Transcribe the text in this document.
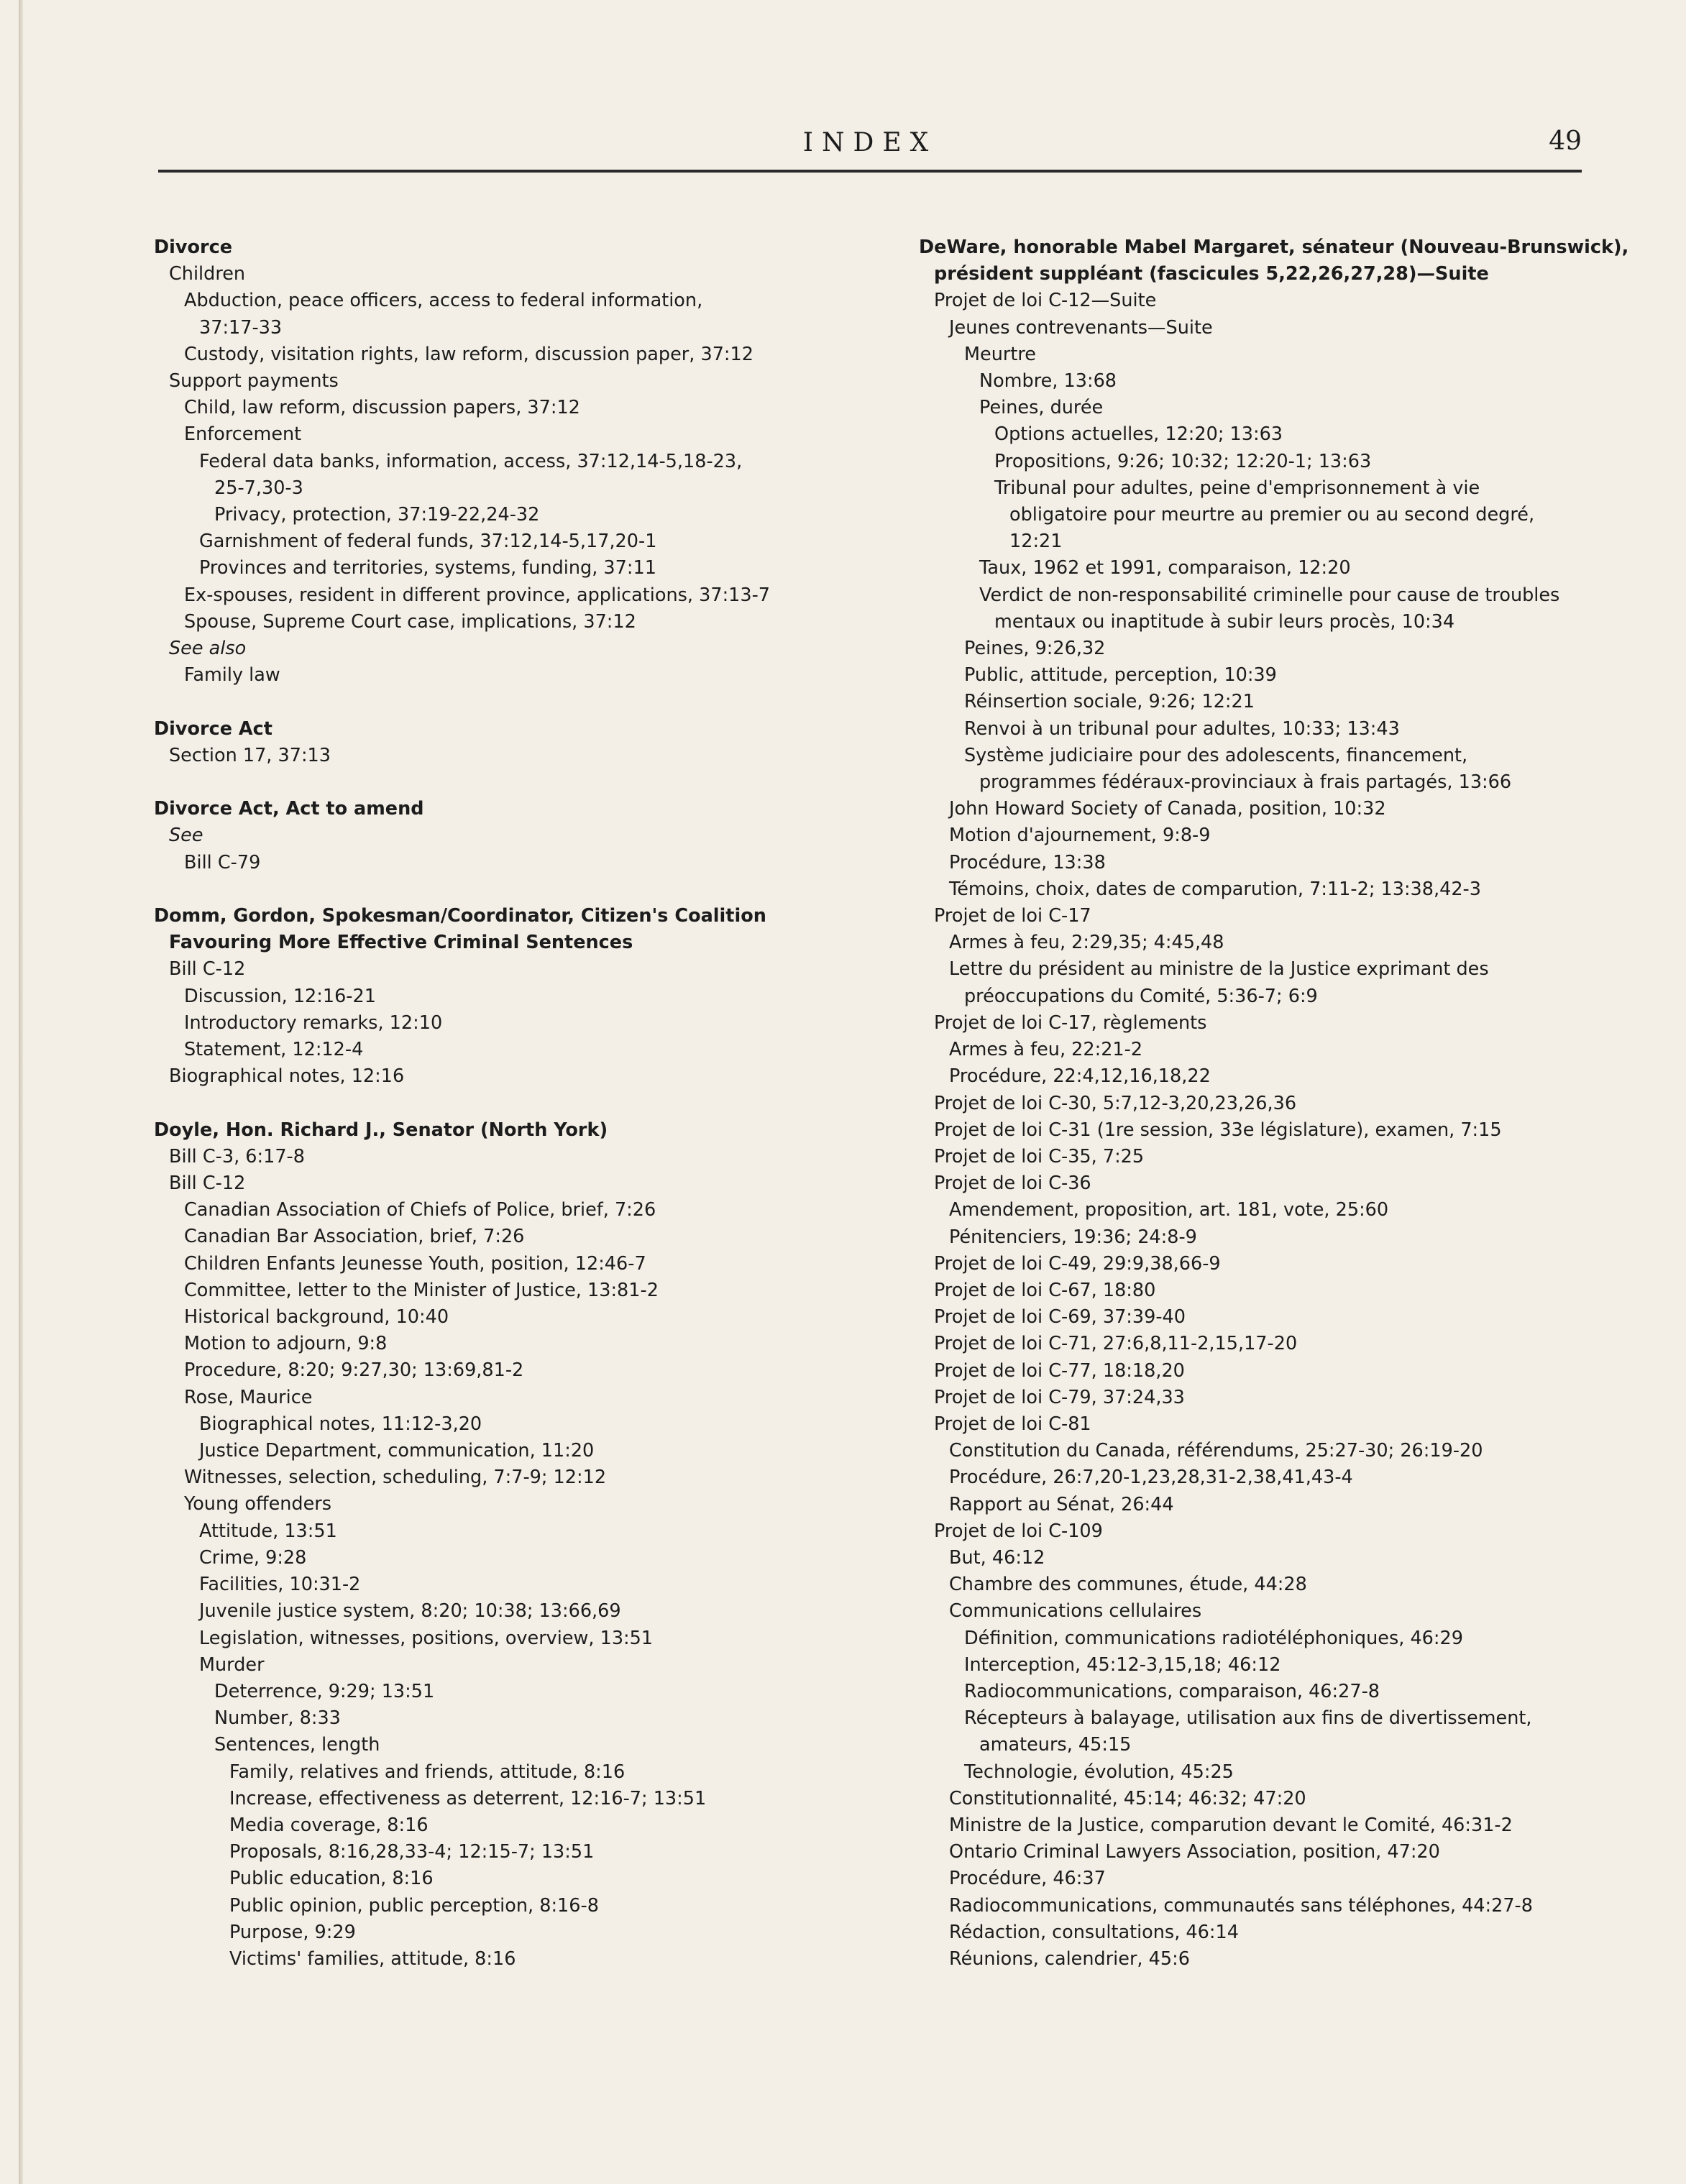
INDEX	49
Divorce
Children
Abduction, peace officers, access to federal information,
37:17-33
Custody, visitation rights, law reform, discussion paper, 37:12
Support payments
Child, law reform, discussion papers, 37:12
Enforcement
Federal data banks, information, access, 37:12,14-5,18-23,
25-7,30-3
Privacy, protection, 37:19-22,24-32
Garnishment of federal funds, 37:12,14-5,17,20-1
Provinces and territories, systems, funding, 37:11
Ex-spouses, resident in different province, applications, 37:13-7
Spouse, Supreme Court case, implications, 37:12
See also
Family law
Divorce Act
Section 17, 37:13
Divorce Act, Act to amend
See
Bill C-79
Domm, Gordon, Spokesman/Coordinator, Citizen's Coalition
Favouring More Effective Criminal Sentences
Bill C-12
Discussion, 12:16-21
Introductory remarks, 12:10
Statement, 12:12-4
Biographical notes, 12:16
Doyle, Hon. Richard J., Senator (North York)
Bill C-3, 6:17-8
Bill C-12
Canadian Association of Chiefs of Police, brief, 7:26
Canadian Bar Association, brief, 7:26
Children Enfants Jeunesse Youth, position, 12:46-7
Committee, letter to the Minister of Justice, 13:81-2
Historical background, 10:40
Motion to adjourn, 9:8
Procedure, 8:20; 9:27,30; 13:69,81-2
Rose, Maurice
Biographical notes, 11:12-3,20
Justice Department, communication, 11:20
Witnesses, selection, scheduling, 7:7-9; 12:12
Young offenders
Attitude, 13:51
Crime, 9:28
Facilities, 10:31-2
Juvenile justice system, 8:20; 10:38; 13:66,69
Legislation, witnesses, positions, overview, 13:51
Murder
Deterrence, 9:29; 13:51
Number, 8:33
Sentences, length
Family, relatives and friends, attitude, 8:16
Increase, effectiveness as deterrent, 12:16-7; 13:51
Media coverage, 8:16
Proposals, 8:16,28,33-4; 12:15-7; 13:51
Public education, 8:16
Public opinion, public perception, 8:16-8
Purpose, 9:29
Victims' families, attitude, 8:16
DeWare, honorable Mabel Margaret, sénateur (Nouveau-Brunswick),
président suppléant (fascicules 5,22,26,27,28)—Suite
Projet de loi C-12—Suite
Jeunes contrevenants—Suite
Meurtre
Nombre, 13:68
Peines, durée
Options actuelles, 12:20; 13:63
Propositions, 9:26; 10:32; 12:20-1; 13:63
Tribunal pour adultes, peine d'emprisonnement à vie
obligatoire pour meurtre au premier ou au second degré,
12:21
Taux, 1962 et 1991, comparaison, 12:20
Verdict de non-responsabilité criminelle pour cause de troubles
mentaux ou inaptitude à subir leurs procès, 10:34
Peines, 9:26,32
Public, attitude, perception, 10:39
Réinsertion sociale, 9:26; 12:21
Renvoi à un tribunal pour adultes, 10:33; 13:43
Système judiciaire pour des adolescents, financement,
programmes fédéraux-provinciaux à frais partagés, 13:66
John Howard Society of Canada, position, 10:32
Motion d'ajournement, 9:8-9
Procédure, 13:38
Témoins, choix, dates de comparution, 7:11-2; 13:38,42-3
Projet de loi C-17
Armes à feu, 2:29,35; 4:45,48
Lettre du président au ministre de la Justice exprimant des
préoccupations du Comité, 5:36-7; 6:9
Projet de loi C-17, règlements
Armes à feu, 22:21-2
Procédure, 22:4,12,16,18,22
Projet de loi C-30, 5:7,12-3,20,23,26,36
Projet de loi C-31 (1re session, 33e législature), examen, 7:15
Projet de loi C-35, 7:25
Projet de loi C-36
Amendement, proposition, art. 181, vote, 25:60
Pénitenciers, 19:36; 24:8-9
Projet de loi C-49, 29:9,38,66-9
Projet de loi C-67, 18:80
Projet de loi C-69, 37:39-40
Projet de loi C-71, 27:6,8,11-2,15,17-20
Projet de loi C-77, 18:18,20
Projet de loi C-79, 37:24,33
Projet de loi C-81
Constitution du Canada, référendums, 25:27-30; 26:19-20
Procédure, 26:7,20-1,23,28,31-2,38,41,43-4
Rapport au Sénat, 26:44
Projet de loi C-109
But, 46:12
Chambre des communes, étude, 44:28
Communications cellulaires
Définition, communications radiotéléphoniques, 46:29
Interception, 45:12-3,15,18; 46:12
Radiocommunications, comparaison, 46:27-8
Récepteurs à balayage, utilisation aux fins de divertissement,
amateurs, 45:15
Technologie, évolution, 45:25
Constitutionnalité, 45:14; 46:32; 47:20
Ministre de la Justice, comparution devant le Comité, 46:31-2
Ontario Criminal Lawyers Association, position, 47:20
Procédure, 46:37
Radiocommunications, communautés sans téléphones, 44:27-8
Rédaction, consultations, 46:14
Réunions, calendrier, 45:6
